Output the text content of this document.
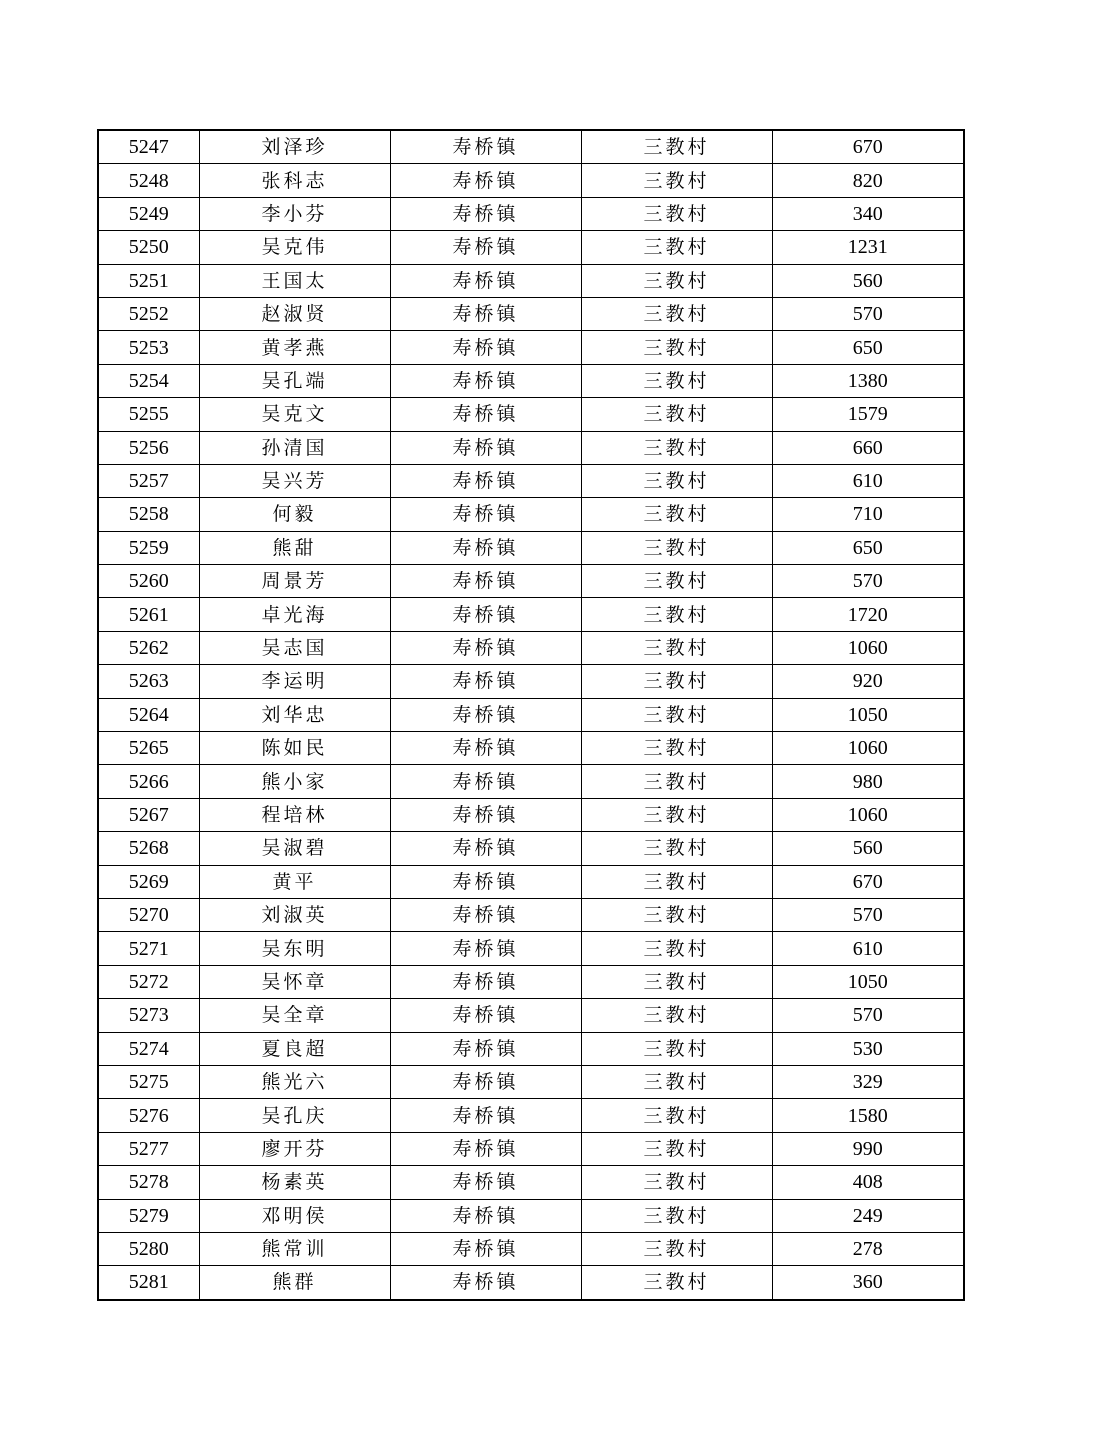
5247	刘泽珍	寿桥镇	三教村	670
5248	张科志	寿桥镇	三教村	820
5249	李小芬	寿桥镇	三教村	340
5250	吴克伟	寿桥镇	三教村	1231
5251	王国太	寿桥镇	三教村	560
5252	赵淑贤	寿桥镇	三教村	570
5253	黄孝燕	寿桥镇	三教村	650
5254	吴孔端	寿桥镇	三教村	1380
5255	吴克文	寿桥镇	三教村	1579
5256	孙清国	寿桥镇	三教村	660
5257	吴兴芳	寿桥镇	三教村	610
5258	何毅	寿桥镇	三教村	710
5259	熊甜	寿桥镇	三教村	650
5260	周景芳	寿桥镇	三教村	570
5261	卓光海	寿桥镇	三教村	1720
5262	吴志国	寿桥镇	三教村	1060
5263	李运明	寿桥镇	三教村	920
5264	刘华忠	寿桥镇	三教村	1050
5265	陈如民	寿桥镇	三教村	1060
5266	熊小家	寿桥镇	三教村	980
5267	程培林	寿桥镇	三教村	1060
5268	吴淑碧	寿桥镇	三教村	560
5269	黄平	寿桥镇	三教村	670
5270	刘淑英	寿桥镇	三教村	570
5271	吴东明	寿桥镇	三教村	610
5272	吴怀章	寿桥镇	三教村	1050
5273	吴全章	寿桥镇	三教村	570
5274	夏良超	寿桥镇	三教村	530
5275	熊光六	寿桥镇	三教村	329
5276	吴孔庆	寿桥镇	三教村	1580
5277	廖开芬	寿桥镇	三教村	990
5278	杨素英	寿桥镇	三教村	408
5279	邓明侯	寿桥镇	三教村	249
5280	熊常训	寿桥镇	三教村	278
5281	熊群	寿桥镇	三教村	360
